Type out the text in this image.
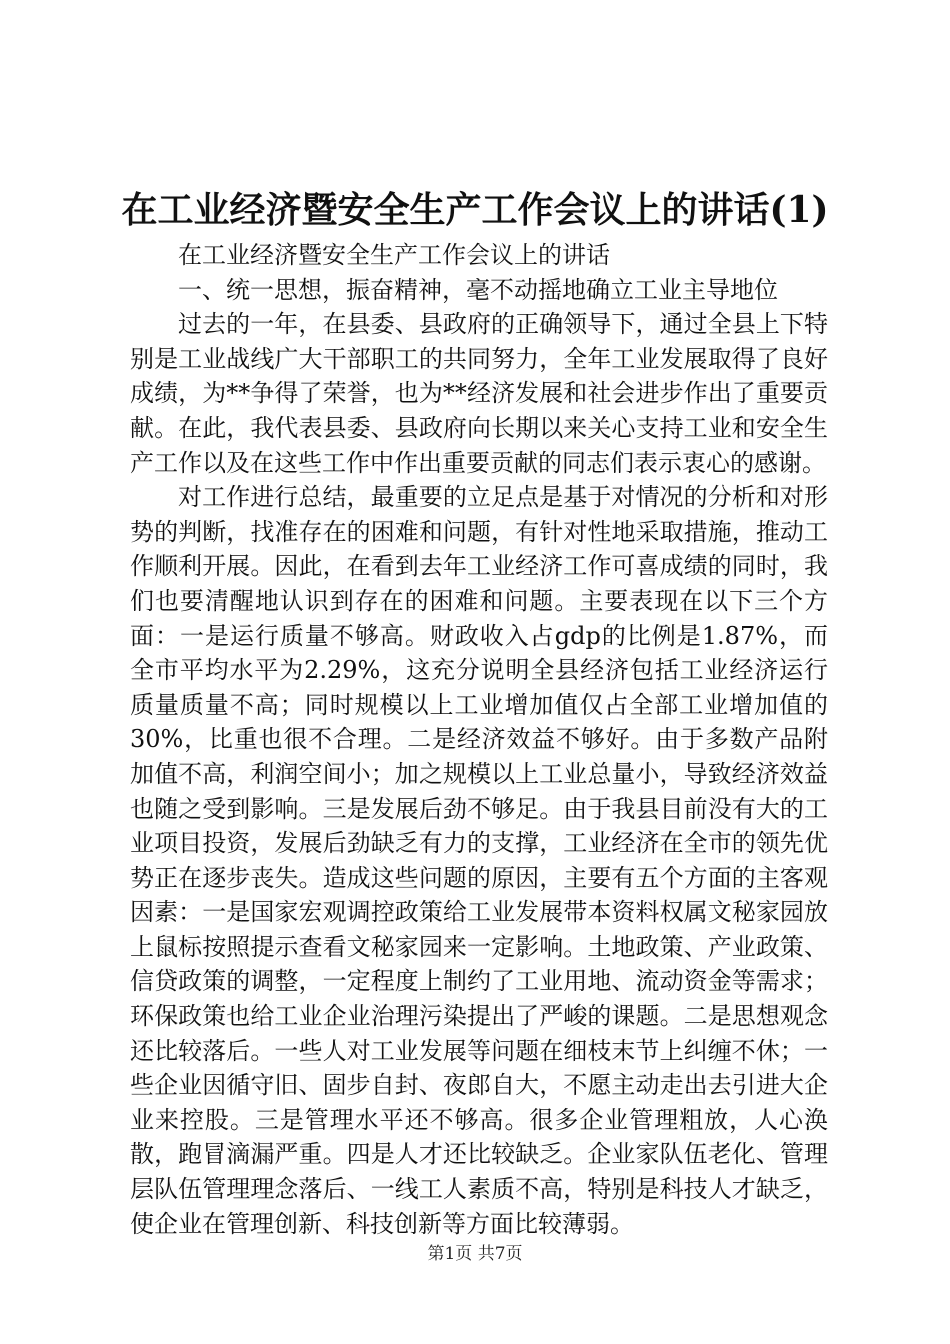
在工业经济暨安全生产工作会议上的讲话(1)

在工业经济暨安全生产工作会议上的讲话

一、统一思想，振奋精神，毫不动摇地确立工业主导地位

过去的一年，在县委、县政府的正确领导下，通过全县上下特别是工业战线广大干部职工的共同努力，全年工业发展取得了良好成绩，为**争得了荣誉，也为**经济发展和社会进步作出了重要贡献。在此，我代表县委、县政府向长期以来关心支持工业和安全生产工作以及在这些工作中作出重要贡献的同志们表示衷心的感谢。

对工作进行总结，最重要的立足点是基于对情况的分析和对形势的判断，找准存在的困难和问题，有针对性地采取措施，推动工作顺利开展。因此，在看到去年工业经济工作可喜成绩的同时，我们也要清醒地认识到存在的困难和问题。主要表现在以下三个方面：一是运行质量不够高。财政收入占gdp的比例是1.87%，而全市平均水平为2.29%，这充分说明全县经济包括工业经济运行质量质量不高；同时规模以上工业增加值仅占全部工业增加值的30%，比重也很不合理。二是经济效益不够好。由于多数产品附加值不高，利润空间小；加之规模以上工业总量小，导致经济效益也随之受到影响。三是发展后劲不够足。由于我县目前没有大的工业项目投资，发展后劲缺乏有力的支撑，工业经济在全市的领先优势正在逐步丧失。造成这些问题的原因，主要有五个方面的主客观因素：一是国家宏观调控政策给工业发展带本资料权属文秘家园放上鼠标按照提示查看文秘家园来一定影响。土地政策、产业政策、信贷政策的调整，一定程度上制约了工业用地、流动资金等需求；环保政策也给工业企业治理污染提出了严峻的课题。二是思想观念还比较落后。一些人对工业发展等问题在细枝末节上纠缠不休；一些企业因循守旧、固步自封、夜郎自大，不愿主动走出去引进大企业来控股。三是管理水平还不够高。很多企业管理粗放，人心涣散，跑冒滴漏严重。四是人才还比较缺乏。企业家队伍老化、管理层队伍管理理念落后、一线工人素质不高，特别是科技人才缺乏，使企业在管理创新、科技创新等方面比较薄弱。

第1页 共7页
